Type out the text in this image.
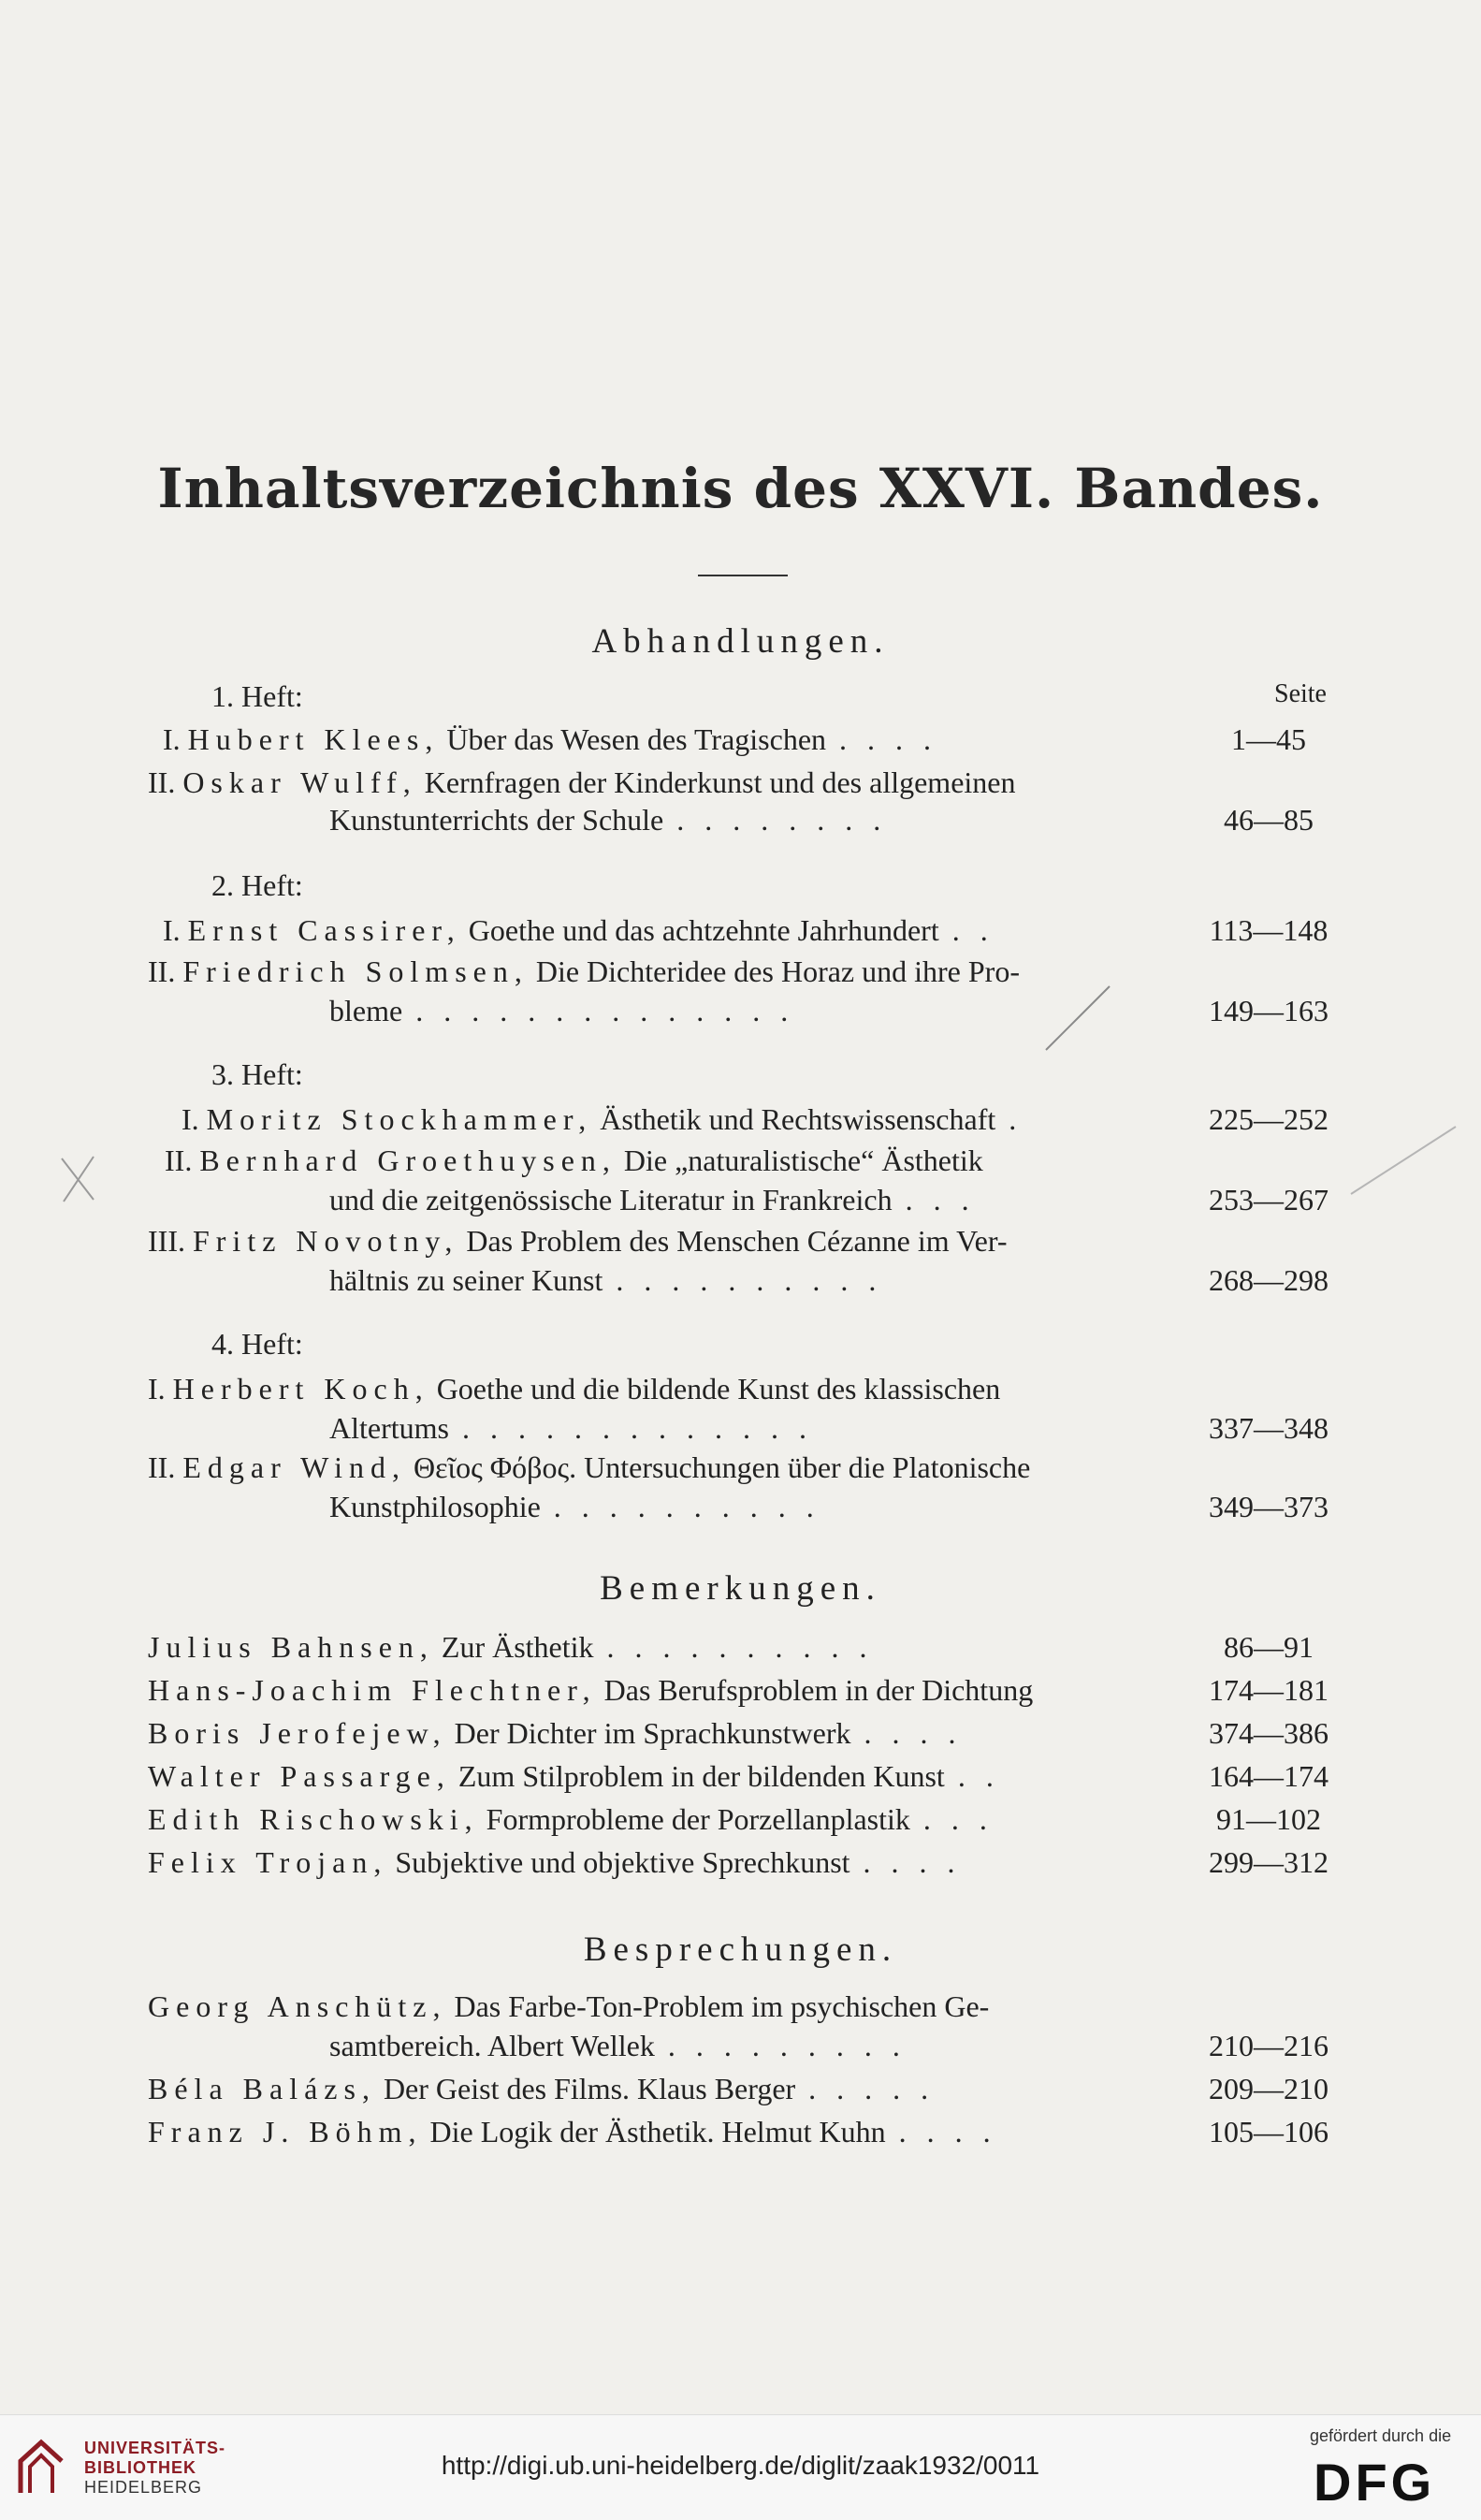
Inhaltsverzeichnis des XXVI. Bandes.
Abhandlungen.
Seite
1. Heft:
I. Hubert Klees, Über das Wesen des Tragischen ....	1—45
II. Oskar Wulff, Kernfragen der Kinderkunst und des allgemeinen
Kunstunterrichts der Schule ........	46—85
2. Heft:
I. Ernst Cassirer, Goethe und das achtzehnte Jahrhundert ..	113—148
II. Friedrich Solmsen, Die Dichteridee des Horaz und ihre Pro-
bleme ..............	149—163
3. Heft:
I. Moritz Stockhammer, Ästhetik und Rechtswissenschaft .	225—252
II. Bernhard Groethuysen, Die „naturalistische“ Ästhetik
und die zeitgenössische Literatur in Frankreich ...	253—267
III. Fritz Novotny, Das Problem des Menschen Cézanne im Ver-
hältnis zu seiner Kunst ..........	268—298
4. Heft:
I. Herbert Koch, Goethe und die bildende Kunst des klassischen
Altertums .............	337—348
II. Edgar Wind, Θεῖος Φόβος. Untersuchungen über die Platonische
Kunstphilosophie ..........	349—373
Bemerkungen.
Julius Bahnsen, Zur Ästhetik ..........	86—91
Hans-Joachim Flechtner, Das Berufsproblem in der Dichtung	174—181
Boris Jerofejew, Der Dichter im Sprachkunstwerk ....	374—386
Walter Passarge, Zum Stilproblem in der bildenden Kunst ..	164—174
Edith Rischowski, Formprobleme der Porzellanplastik ...	91—102
Felix Trojan, Subjektive und objektive Sprechkunst ....	299—312
Besprechungen.
Georg Anschütz, Das Farbe-Ton-Problem im psychischen Ge-
samtbereich. Albert Wellek .........	210—216
Béla Balázs, Der Geist des Films. Klaus Berger .....	209—210
Franz J. Böhm, Die Logik der Ästhetik. Helmut Kuhn ....	105—106
UNIVERSITÄTS-
BIBLIOTHEK
HEIDELBERG
http://digi.ub.uni-heidelberg.de/diglit/zaak1932/0011
gefördert durch die
DFG
